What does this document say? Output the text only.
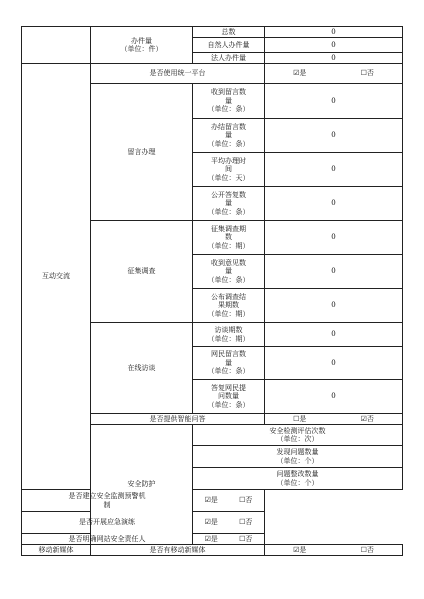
	办件量
（单位：件）	总数	0	
		自然人办件量	0	
		法人办件量	0	
互动交流	是否使用统一平台		☑是 ☐否	
	留言办理	收到留言数
量
（单位：条）	0	

		办结留言数
量
（单位：条）	0	

		平均办理时
间
（单位：天）	0	

		公开答复数
量
（单位：条）	0	
	征集调查	征集调查期
数
（单位：期）	0	

		收到意见数
量
（单位：条）	0	

		公布调查结
果期数
（单位：期）	0	
	在线访谈	访谈期数
（单位：期）	0	

		网民留言数
量
（单位：条）	0	

		答复网民提
问数量
（单位：条）	0	
	是否提供智能问答		☐是 ☑否	
	安全防护	安全检测评估次数
（单位：次）

		发现问题数量
（单位：个）

		问题整改数量
（单位：个）

是否建立安全监测预警机
制		☑是 ☐否		
是否开展应急演练		☑是 ☐否		
是否明确网站安全责任人		☑是 ☐否		
移动新媒体	是否有移动新媒体		☑是 ☐否	
